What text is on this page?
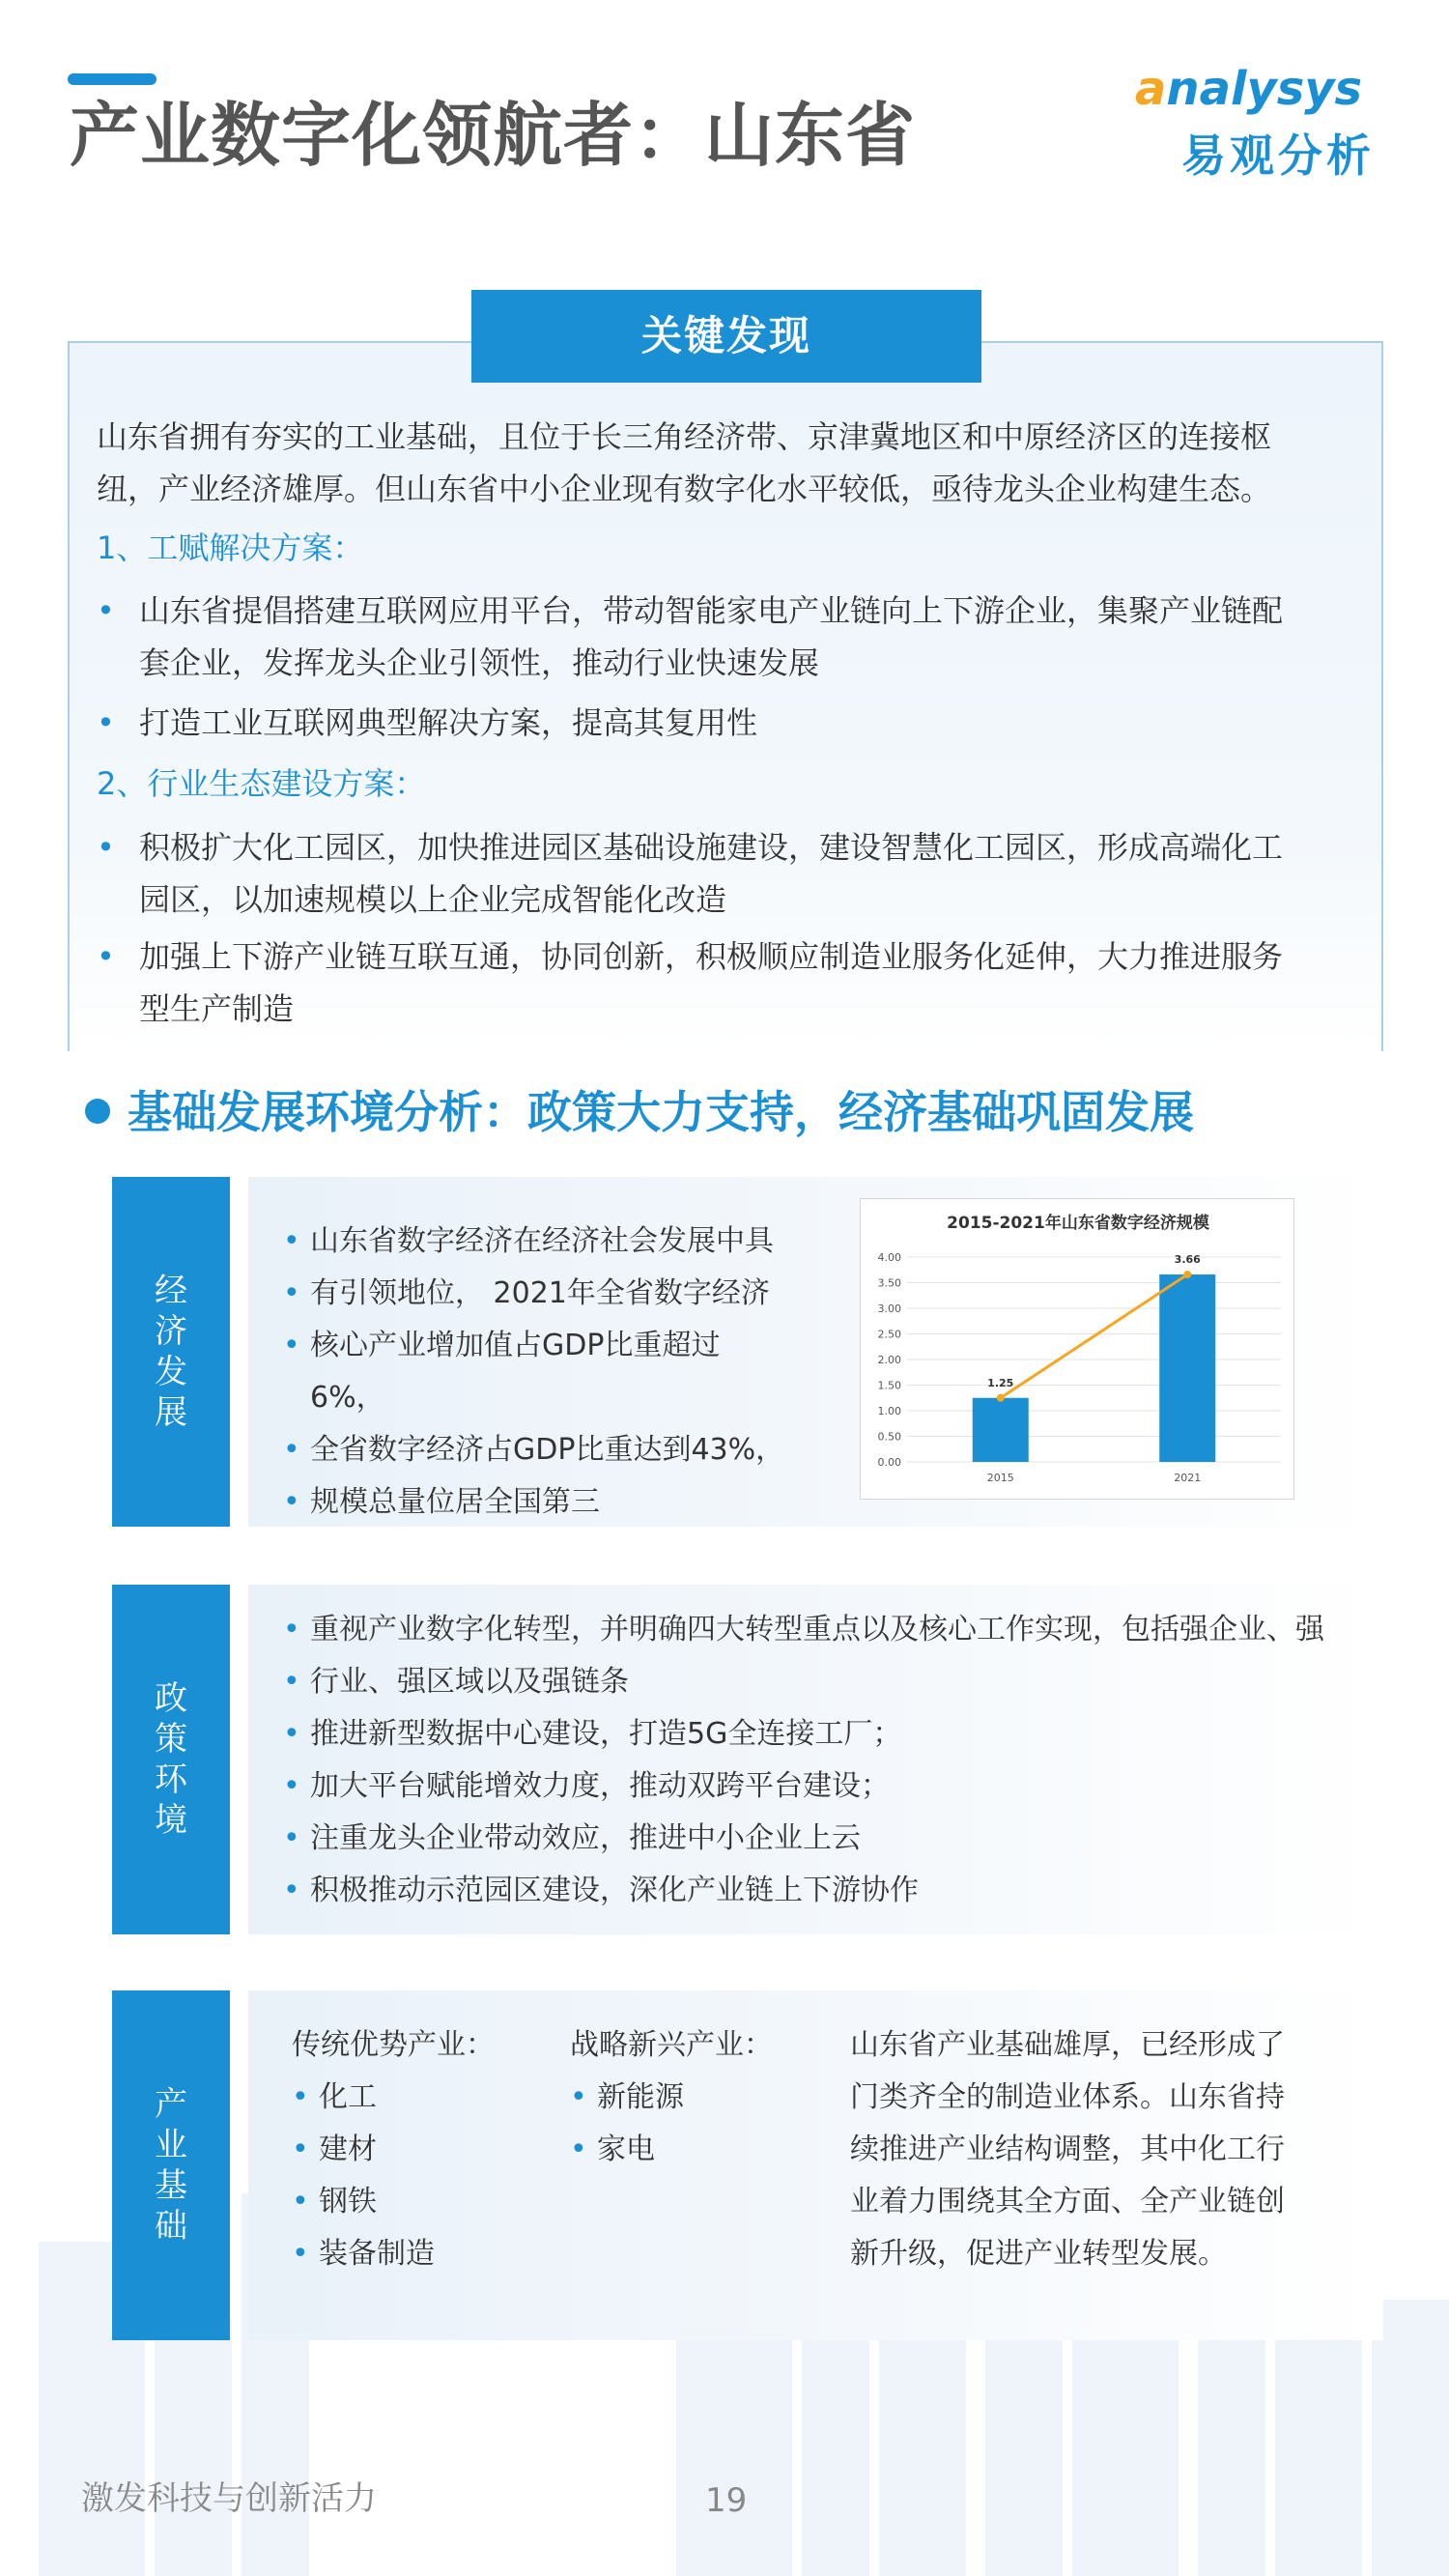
产业数字化领航者：山东省
analysys
易观分析
关键发现
山东省拥有夯实的工业基础，且位于长三角经济带、京津冀地区和中原经济区的连接枢
纽，产业经济雄厚。但山东省中小企业现有数字化水平较低，亟待龙头企业构建生态。
1、工赋解决方案：
• 山东省提倡搭建互联网应用平台，带动智能家电产业链向上下游企业，集聚产业链配
套企业，发挥龙头企业引领性，推动行业快速发展
• 打造工业互联网典型解决方案，提高其复用性
2、行业生态建设方案：
• 积极扩大化工园区，加快推进园区基础设施建设，建设智慧化工园区，形成高端化工
园区，以加速规模以上企业完成智能化改造
• 加强上下游产业链互联互通，协同创新，积极顺应制造业服务化延伸，大力推进服务
型生产制造
基础发展环境分析：政策大力支持，经济基础巩固发展
经
济
发
展
• 山东省数字经济在经济社会发展中具
• 有引领地位， 2021年全省数字经济
• 核心产业增加值占GDP比重超过6%，
• 全省数字经济占GDP比重达到43%，
• 规模总量位居全国第三
2015-2021年山东省数字经济规模
0.00
0.50
1.00
1.50
2.00
2.50
3.00
3.50
4.00
2015	2021
1.25
3.66
政
策
环
境
• 重视产业数字化转型，并明确四大转型重点以及核心工作实现，包括强企业、强
• 行业、强区域以及强链条
• 推进新型数据中心建设，打造5G全连接工厂；
• 加大平台赋能增效力度，推动双跨平台建设；
• 注重龙头企业带动效应，推进中小企业上云
• 积极推动示范园区建设，深化产业链上下游协作
产
业
基
础
传统优势产业：
• 化工
• 建材
• 钢铁
• 装备制造
战略新兴产业：
• 新能源
• 家电
山东省产业基础雄厚，已经形成了
门类齐全的制造业体系。山东省持
续推进产业结构调整，其中化工行
业着力围绕其全方面、全产业链创
新升级，促进产业转型发展。
激发科技与创新活力	19
